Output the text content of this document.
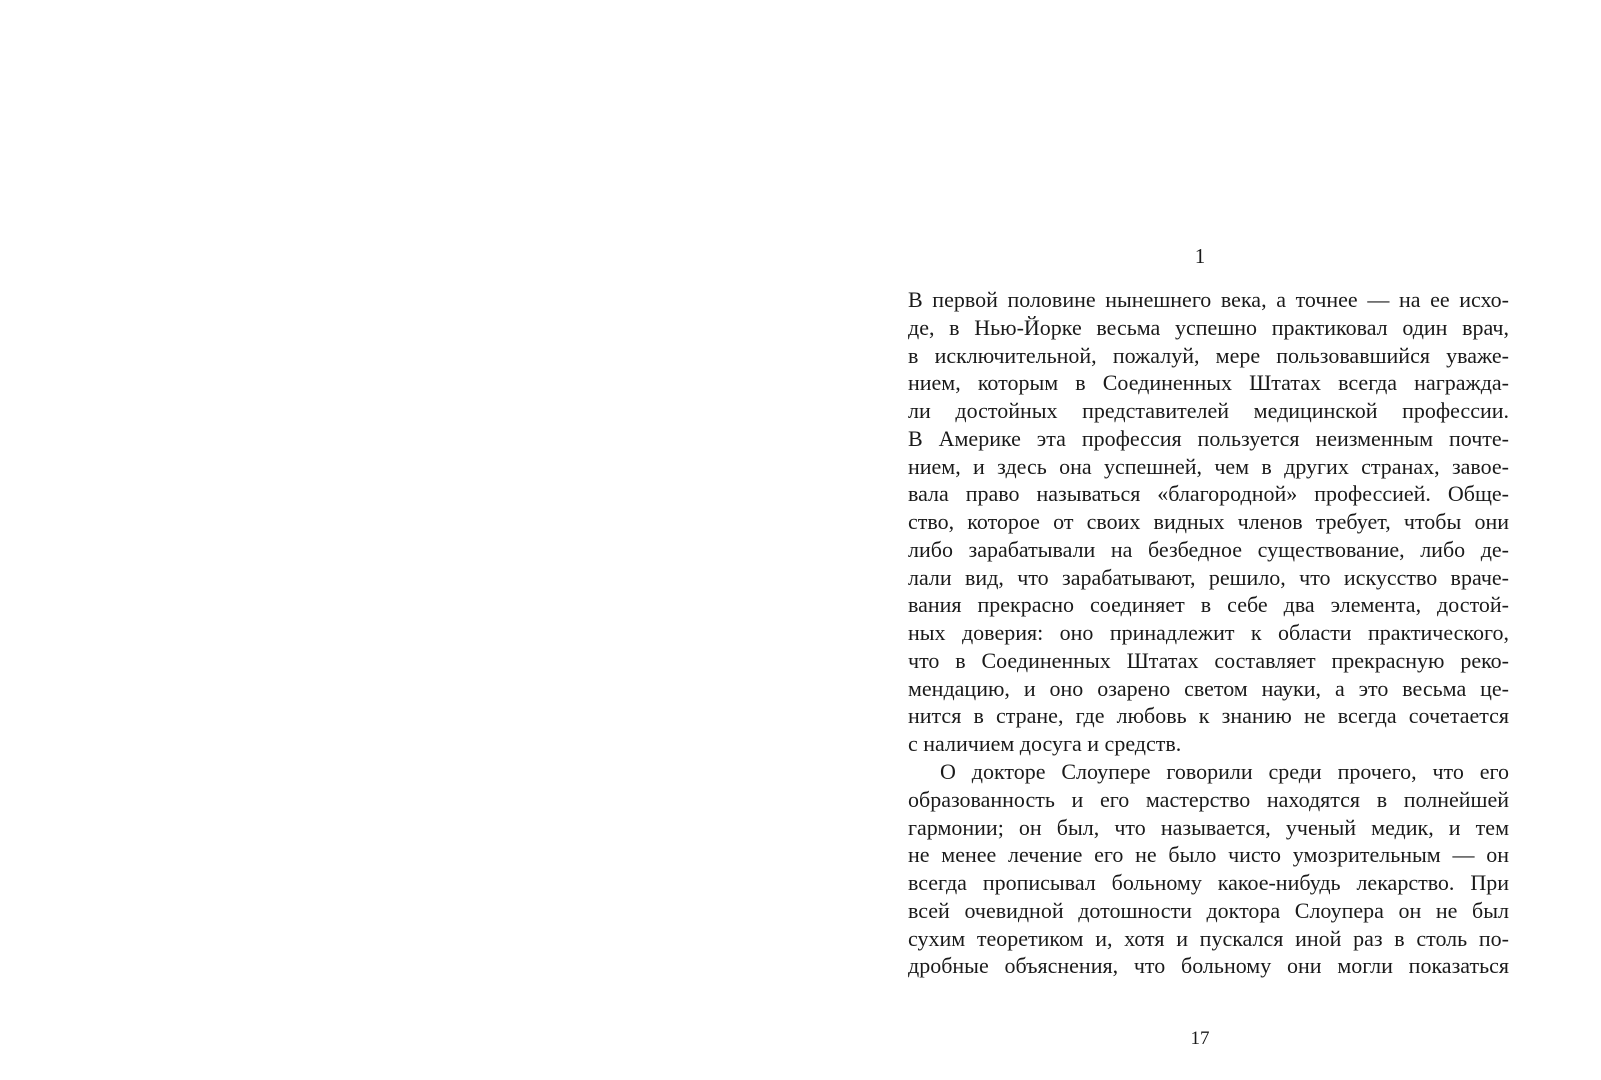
1
В первой половине нынешнего века, а точнее — на ее исхо-
де, в Нью-Йорке весьма успешно практиковал один врач,
в исключительной, пожалуй, мере пользовавшийся уваже-
нием, которым в Соединенных Штатах всегда награжда-
ли достойных представителей медицинской профессии.
В Америке эта профессия пользуется неизменным почте-
нием, и здесь она успешней, чем в других странах, завое-
вала право называться «благородной» профессией. Обще-
ство, которое от своих видных членов требует, чтобы они
либо зарабатывали на безбедное существование, либо де-
лали вид, что зарабатывают, решило, что искусство враче-
вания прекрасно соединяет в себе два элемента, достой-
ных доверия: оно принадлежит к области практического,
что в Соединенных Штатах составляет прекрасную реко-
мендацию, и оно озарено светом науки, а это весьма це-
нится в стране, где любовь к знанию не всегда сочетается
с наличием досуга и средств.
О докторе Слоупере говорили среди прочего, что его
образованность и его мастерство находятся в полнейшей
гармонии; он был, что называется, ученый медик, и тем
не менее лечение его не было чисто умозрительным — он
всегда прописывал больному какое-нибудь лекарство. При
всей очевидной дотошности доктора Слоупера он не был
сухим теоретиком и, хотя и пускался иной раз в столь по-
дробные объяснения, что больному они могли показаться
17
